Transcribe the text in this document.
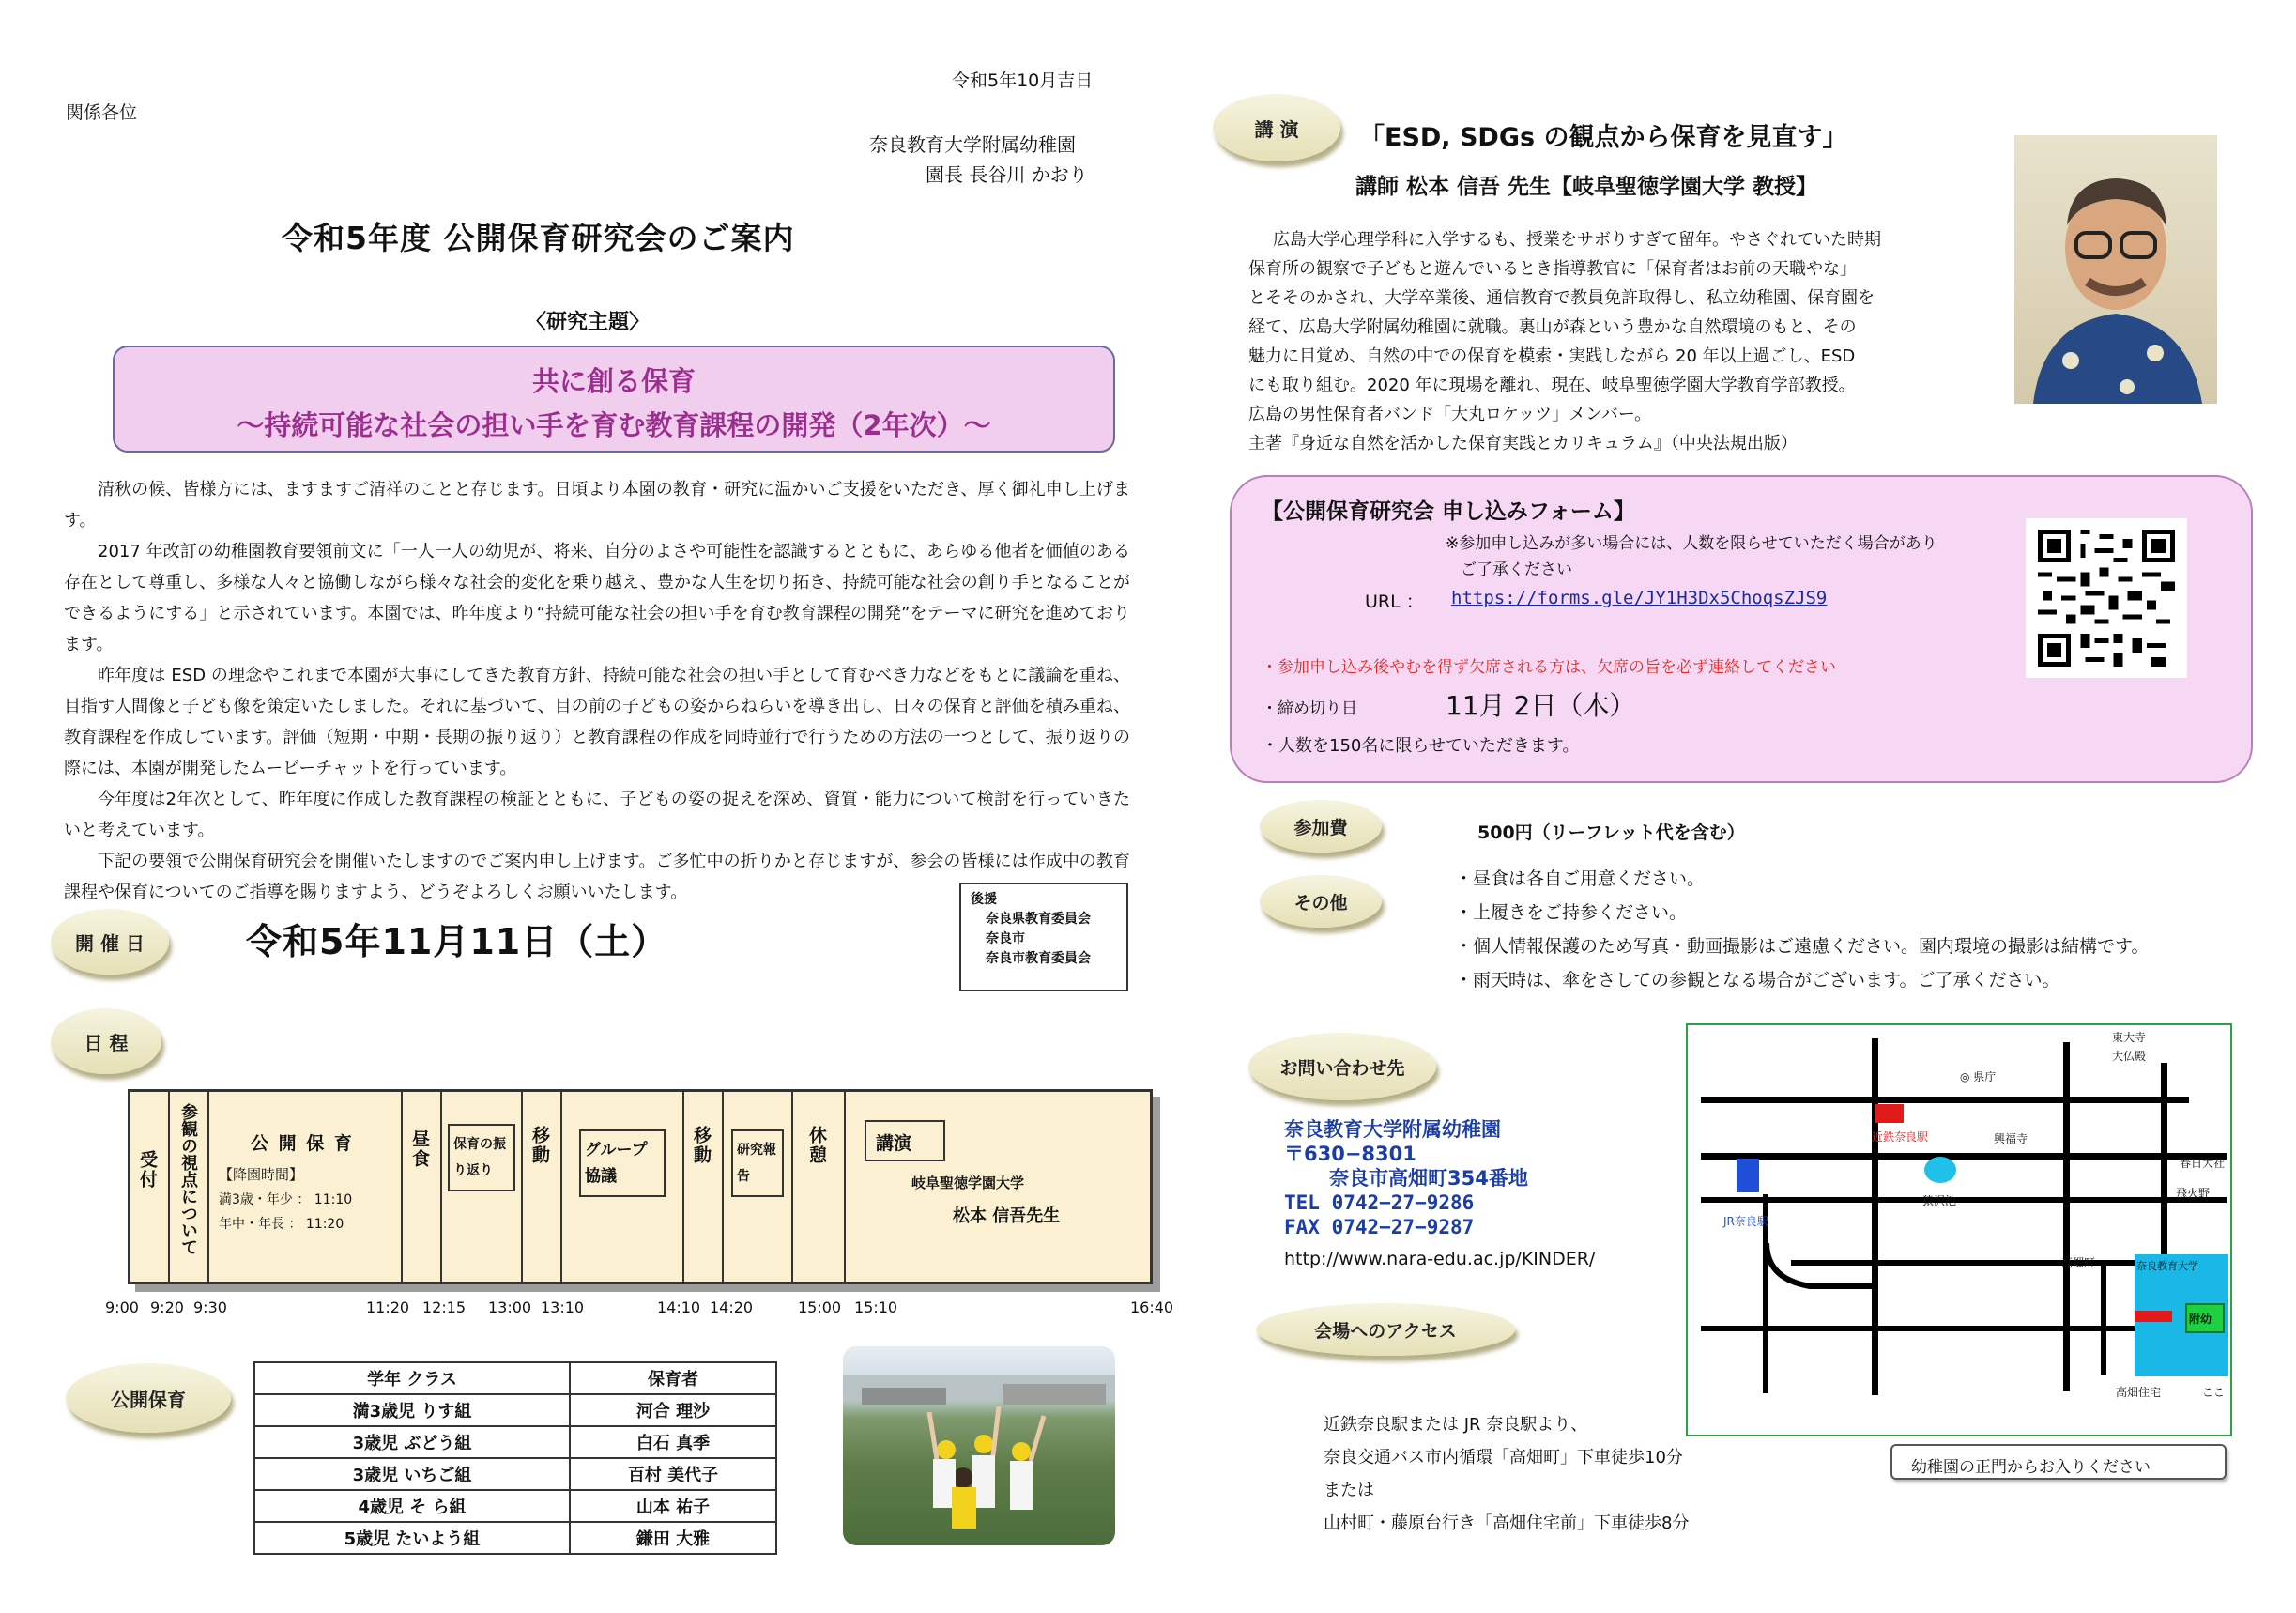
令和5年10月吉日
関係各位
奈良教育大学附属幼稚園
園長 長谷川 かおり
令和5年度 公開保育研究会のご案内
〈研究主題〉
共に創る保育
～持続可能な社会の担い手を育む教育課程の開発（2年次）～

清秋の候、皆様方には、ますますご清祥のことと存じます。日頃より本園の教育・研究に温かいご支援をいただき、厚く御礼申し上げます。

2017 年改訂の幼稚園教育要領前文に「一人一人の幼児が、将来、自分のよさや可能性を認識するとともに、あらゆる他者を価値のある存在として尊重し、多様な人々と協働しながら様々な社会的変化を乗り越え、豊かな人生を切り拓き、持続可能な社会の創り手となることができるようにする」と示されています。本園では、昨年度より“持続可能な社会の担い手を育む教育課程の開発”をテーマに研究を進めております。

昨年度は ESD の理念やこれまで本園が大事にしてきた教育方針、持続可能な社会の担い手として育むべき力などをもとに議論を重ね、目指す人間像と子ども像を策定いたしました。それに基づいて、目の前の子どもの姿からねらいを導き出し、日々の保育と評価を積み重ね、教育課程を作成しています。評価（短期・中期・長期の振り返り）と教育課程の作成を同時並行で行うための方法の一つとして、振り返りの際には、本園が開発したムービーチャットを行っています。

今年度は2年次として、昨年度に作成した教育課程の検証とともに、子どもの姿の捉えを深め、資質・能力について検討を行っていきたいと考えています。

下記の要領で公開保育研究会を開催いたしますのでご案内申し上げます。ご多忙中の折りかと存じますが、参会の皆様には作成中の教育課程や保育についてのご指導を賜りますよう、どうぞよろしくお願いいたします。	後援
奈良県教育委員会
奈良市
奈良市教育委員会
開 催 日	令和5年11月11日（土）
日 程
受付 参観の視点について	公 開 保 育
【降園時間】
満3歳・年少 ： 11:10
年中・年長 ： 11:20
昼食	保育の振り返り
移動	グループ協議
移動	研究報告
休憩	講演
岐阜聖徳学園大学
松本 信吾先生
9:00 9:20 9:30	11:20 12:15 13:00 13:10	14:10 14:20	15:00 15:10	16:40
公開保育
学年 クラス	保育者
満3歳児 りす組	河合 理沙
3歳児 ぶどう組	白石 真季
3歳児 いちご組	百村 美代子
4歳児 そ ら組	山本 祐子
5歳児 たいよう組	鎌田 大雅
講 演	「ESD, SDGs の観点から保育を見直す」
講師 松本 信吾 先生【岐阜聖徳学園大学 教授】
広島大学心理学科に入学するも、授業をサボりすぎて留年。やさぐれていた時期
保育所の観察で子どもと遊んでいるとき指導教官に「保育者はお前の天職やな」
とそそのかされ、大学卒業後、通信教育で教員免許取得し、私立幼稚園、保育園を
経て、広島大学附属幼稚園に就職。裏山が森という豊かな自然環境のもと、その
魅力に目覚め、自然の中での保育を模索・実践しながら 20 年以上過ごし、ESD
にも取り組む。2020 年に現場を離れ、現在、岐阜聖徳学園大学教育学部教授。
広島の男性保育者バンド「大丸ロケッツ」メンバー。
主著『身近な自然を活かした保育実践とカリキュラム』（中央法規出版）
【公開保育研究会 申し込みフォーム】
※参加申し込みが多い場合には、人数を限らせていただく場合があり
ご了承ください
URL ： https://forms.gle/JY1H3Dx5ChoqsZJS9
・参加申し込み後やむを得ず欠席される方は、欠席の旨を必ず連絡してください
・締め切り日	11月 2日（木）
・人数を150名に限らせていただきます。
参加費	500円（リーフレット代を含む）
その他
・昼食は各自ご用意ください。
・上履きをご持参ください。
・個人情報保護のため写真・動画撮影はご遠慮ください。園内環境の撮影は結構です。
・雨天時は、傘をさしての参観となる場合がございます。ご了承ください。
お問い合わせ先
奈良教育大学附属幼稚園
〒630−8301
奈良市高畑町354番地
TEL 0742−27−9286
FAX 0742−27−9287
http://www.nara-edu.ac.jp/KINDER/
会場へのアクセス
近鉄奈良駅または JR 奈良駅より、
奈良交通バス市内循環「高畑町」下車徒歩10分
または
山村町・藤原台行き「高畑住宅前」下車徒歩8分
附幼
東大寺
大仏殿
◎ 県庁
近鉄奈良駅	興福寺
春日大社
飛火野
猿沢池
JR奈良駅
高畑町	奈良教育大学
高畑住宅	ここ
幼稚園の正門からお入りください
